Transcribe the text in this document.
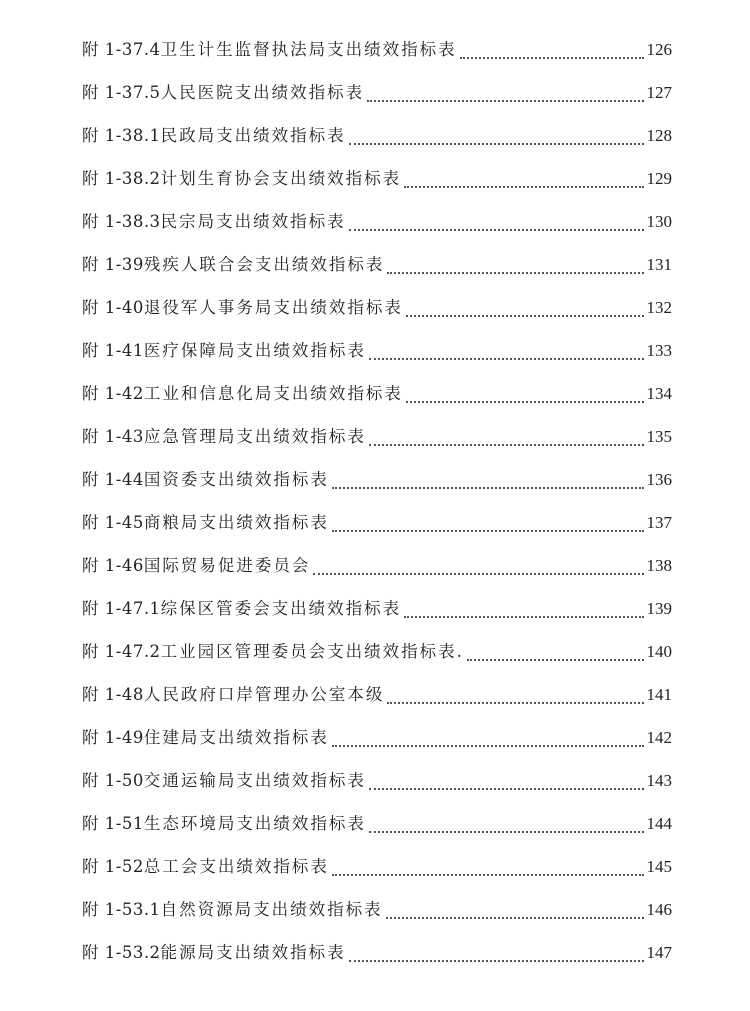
附 1-37.4 卫生计生监督执法局支出绩效指标表	126
附 1-37.5 人民医院支出绩效指标表	127
附 1-38.1 民政局支出绩效指标表	128
附 1-38.2 计划生育协会支出绩效指标表	129
附 1-38.3 民宗局支出绩效指标表	130
附 1-39 残疾人联合会支出绩效指标表	131
附 1-40 退役军人事务局支出绩效指标表	132
附 1-41 医疗保障局支出绩效指标表	133
附 1-42 工业和信息化局支出绩效指标表	134
附 1-43 应急管理局支出绩效指标表	135
附 1-44 国资委支出绩效指标表	136
附 1-45 商粮局支出绩效指标表	137
附 1-46 国际贸易促进委员会	138
附 1-47.1 综保区管委会支出绩效指标表	139
附 1-47.2 工业园区管理委员会支出绩效指标表.	140
附 1-48 人民政府口岸管理办公室本级	141
附 1-49 住建局支出绩效指标表	142
附 1-50 交通运输局支出绩效指标表	143
附 1-51 生态环境局支出绩效指标表	144
附 1-52 总工会支出绩效指标表	145
附 1-53.1 自然资源局支出绩效指标表	146
附 1-53.2 能源局支出绩效指标表	147
